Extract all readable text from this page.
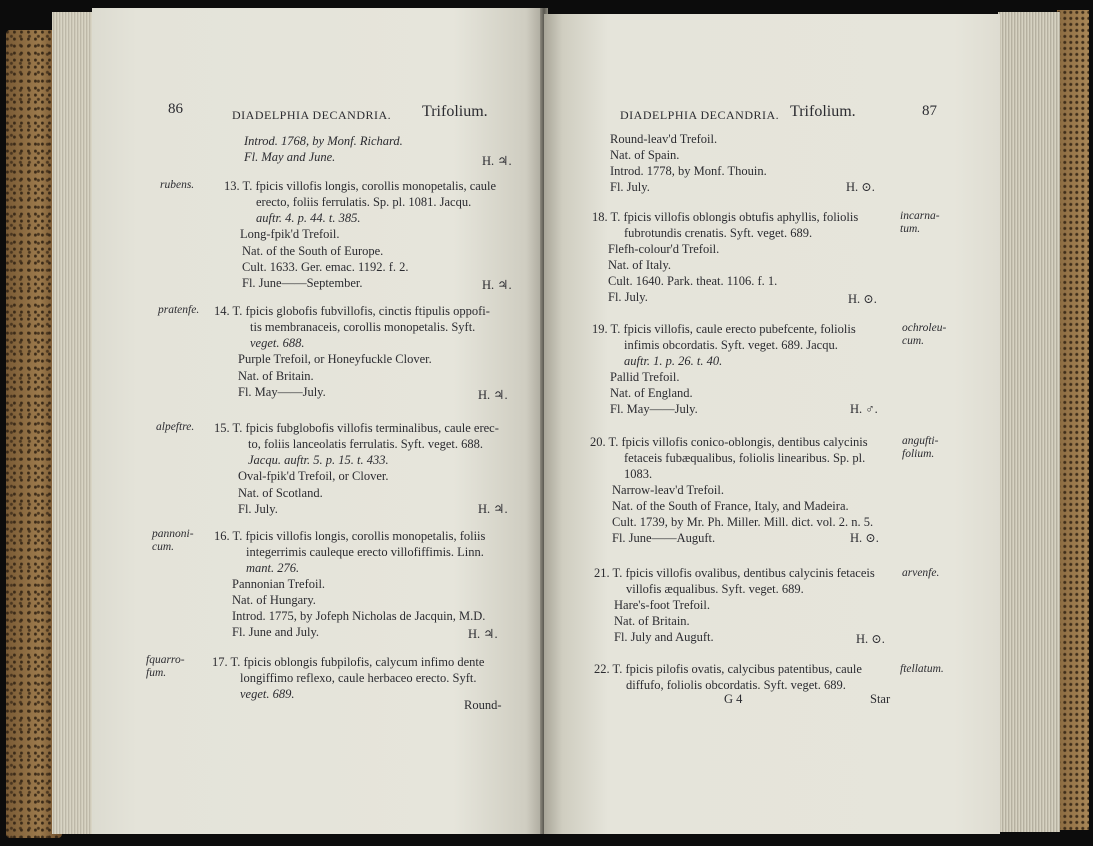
86	DIADELPHIA DECANDRIA. Trifolium.
Introd. 1768, by Monf. Richard.
Fl. May and June.	H. ♃.
rubens. 13. T. fpicis villofis longis, corollis monopetalis, caule
erecto, foliis ferrulatis. Sp. pl. 1081. Jacqu.
auftr. 4. p. 44. t. 385.
Long-fpik'd Trefoil.
Nat. of the South of Europe.
Cult. 1633. Ger. emac. 1192. f. 2.
Fl. June——September.	H. ♃.
pratenfe. 14. T. fpicis globofis fubvillofis, cinctis ftipulis oppofi-
tis membranaceis, corollis monopetalis. Syft.
veget. 688.
Purple Trefoil, or Honeyfuckle Clover.
Nat. of Britain.
Fl. May——July.	H. ♃.
alpeftre. 15. T. fpicis fubglobofis villofis terminalibus, caule erec-
to, foliis lanceolatis ferrulatis. Syft. veget. 688.
Jacqu. auftr. 5. p. 15. t. 433.
Oval-fpik'd Trefoil, or Clover.
Nat. of Scotland.
Fl. July.	H. ♃.
pannoni-
cum.
16. T. fpicis villofis longis, corollis monopetalis, foliis
integerrimis cauleque erecto villofiffimis. Linn.
mant. 276.
Pannonian Trefoil.
Nat. of Hungary.
Introd. 1775, by Jofeph Nicholas de Jacquin, M.D.
Fl. June and July.	H. ♃.
fquarro-
fum.
17. T. fpicis oblongis fubpilofis, calycum infimo dente
longiffimo reflexo, caule herbaceo erecto. Syft.
veget. 689.
Round-
DIADELPHIA DECANDRIA. Trifolium.	87
Round-leav'd Trefoil.
Nat. of Spain.
Introd. 1778, by Monf. Thouin.
Fl. July.	H. ⊙.
18. T. fpicis villofis oblongis obtufis aphyllis, foliolis
fubrotundis crenatis. Syft. veget. 689.
Flefh-colour'd Trefoil.
Nat. of Italy.
Cult. 1640. Park. theat. 1106. f. 1.
Fl. July.	H. ⊙.
incarna-
tum.
19. T. fpicis villofis, caule erecto pubefcente, foliolis
infimis obcordatis. Syft. veget. 689. Jacqu.
auftr. 1. p. 26. t. 40.
Pallid Trefoil.
Nat. of England.
Fl. May——July.	H. ♂.
ochroleu-
cum.
20. T. fpicis villofis conico-oblongis, dentibus calycinis
fetaceis fubæqualibus, foliolis linearibus. Sp. pl.
1083.
Narrow-leav'd Trefoil.
Nat. of the South of France, Italy, and Madeira.
Cult. 1739, by Mr. Ph. Miller. Mill. dict. vol. 2. n. 5.
Fl. June——Auguft.	H. ⊙.
angufti-
folium.
21. T. fpicis villofis ovalibus, dentibus calycinis fetaceis
villofis æqualibus. Syft. veget. 689.
Hare's-foot Trefoil.
Nat. of Britain.
Fl. July and Auguft.	H. ⊙.
arvenfe.
22. T. fpicis pilofis ovatis, calycibus patentibus, caule
diffufo, foliolis obcordatis. Syft. veget. 689.
ftellatum.
G 4	Star
